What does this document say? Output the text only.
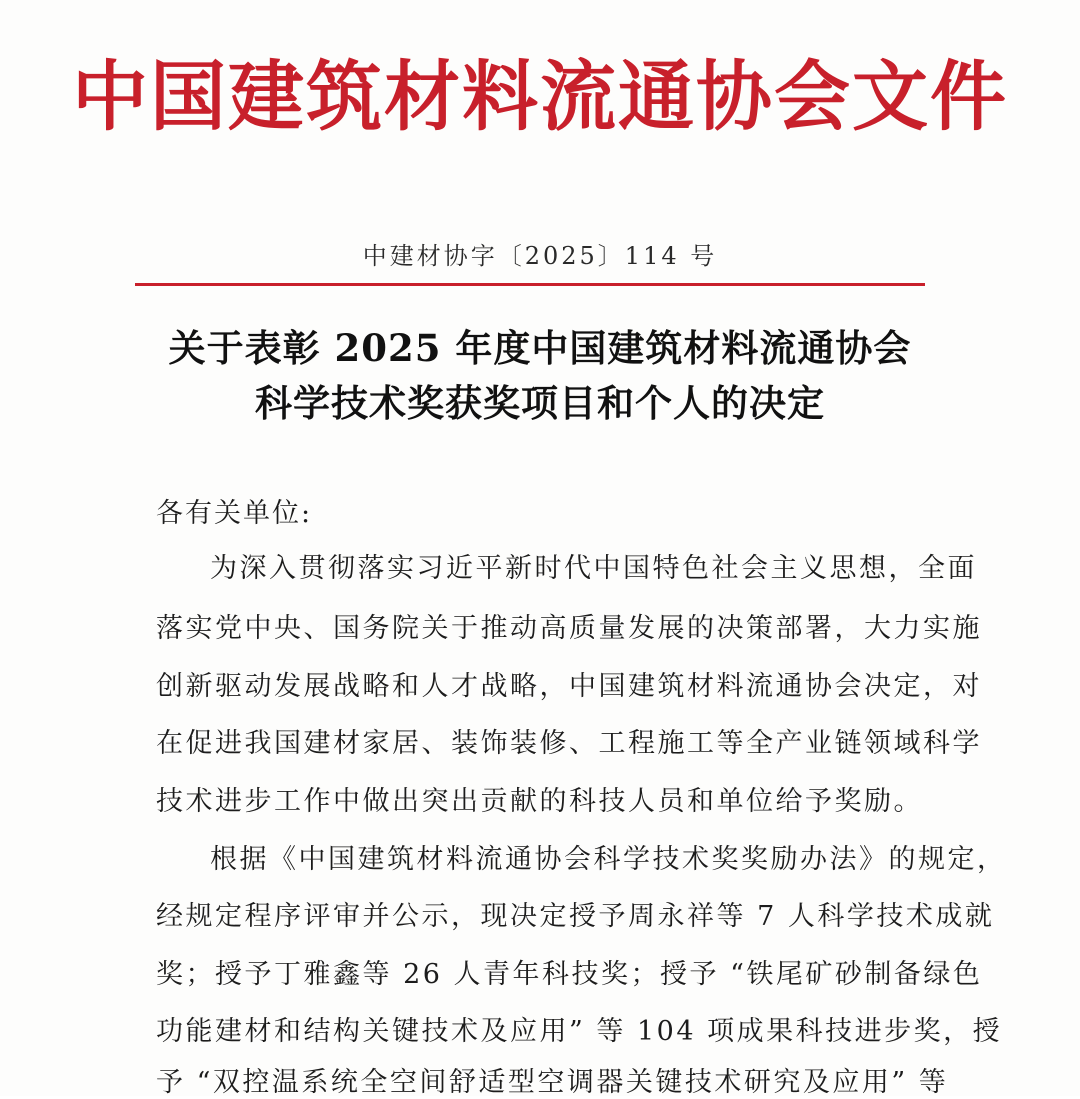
中国建筑材料流通协会文件
中建材协字〔2025〕114 号
关于表彰 2025 年度中国建筑材料流通协会
科学技术奖获奖项目和个人的决定
各有关单位:
为深入贯彻落实习近平新时代中国特色社会主义思想，全面
落实党中央、国务院关于推动高质量发展的决策部署，大力实施
创新驱动发展战略和人才战略，中国建筑材料流通协会决定，对
在促进我国建材家居、装饰装修、工程施工等全产业链领域科学
技术进步工作中做出突出贡献的科技人员和单位给予奖励。
根据《中国建筑材料流通协会科学技术奖奖励办法》的规定，
经规定程序评审并公示，现决定授予周永祥等 7 人科学技术成就
奖；授予丁雅鑫等 26 人青年科技奖；授予 “铁尾矿砂制备绿色
功能建材和结构关键技术及应用” 等 104 项成果科技进步奖，授
予 “双控温系统全空间舒适型空调器关键技术研究及应用” 等
